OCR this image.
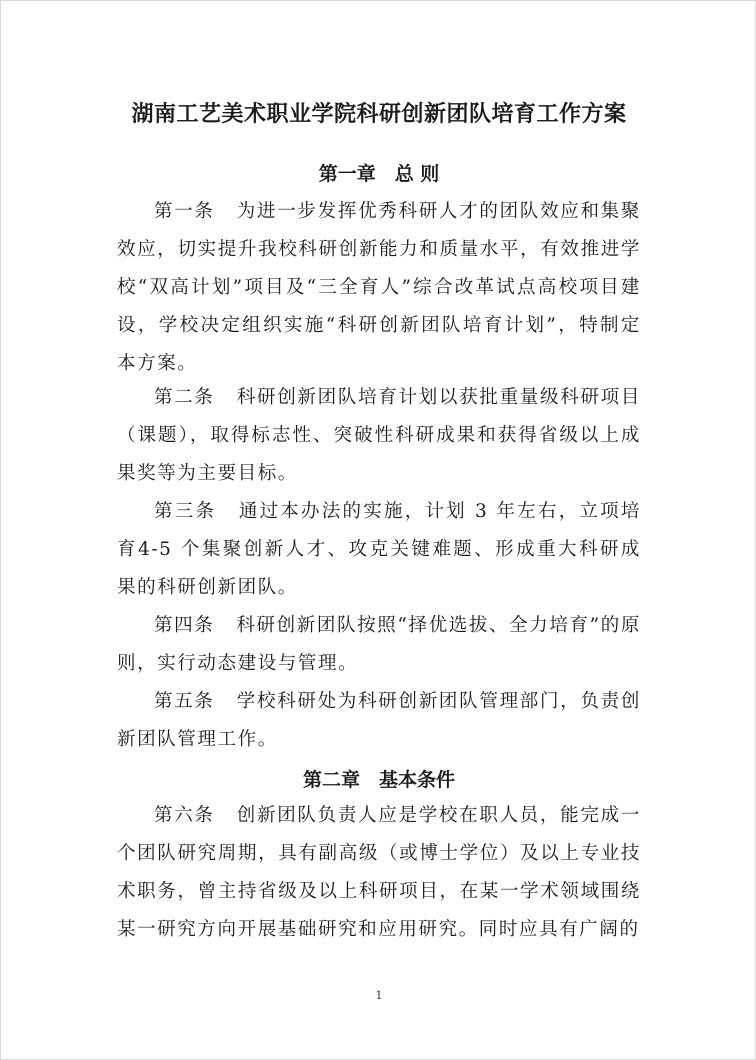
湖南工艺美术职业学院科研创新团队培育工作方案
第一章　总 则
第一条 为进一步发挥优秀科研人才的团队效应和集聚效应，切实提升我校科研创新能力和质量水平，有效推进学校“双高计划”项目及“三全育人”综合改革试点高校项目建设，学校决定组织实施“科研创新团队培育计划”，特制定本方案。
第二条 科研创新团队培育计划以获批重量级科研项目（课题），取得标志性、突破性科研成果和获得省级以上成果奖等为主要目标。
第三条 通过本办法的实施，计划 3 年左右，立项培育4-5 个集聚创新人才、攻克关键难题、形成重大科研成果的科研创新团队。
第四条 科研创新团队按照“择优选拔、全力培育”的原则，实行动态建设与管理。
第五条 学校科研处为科研创新团队管理部门，负责创新团队管理工作。
第二章　基本条件
第六条 创新团队负责人应是学校在职人员，能完成一个团队研究周期，具有副高级（或博士学位）及以上专业技术职务，曾主持省级及以上科研项目，在某一学术领域围绕某一研究方向开展基础研究和应用研究。同时应具有广阔的
1
